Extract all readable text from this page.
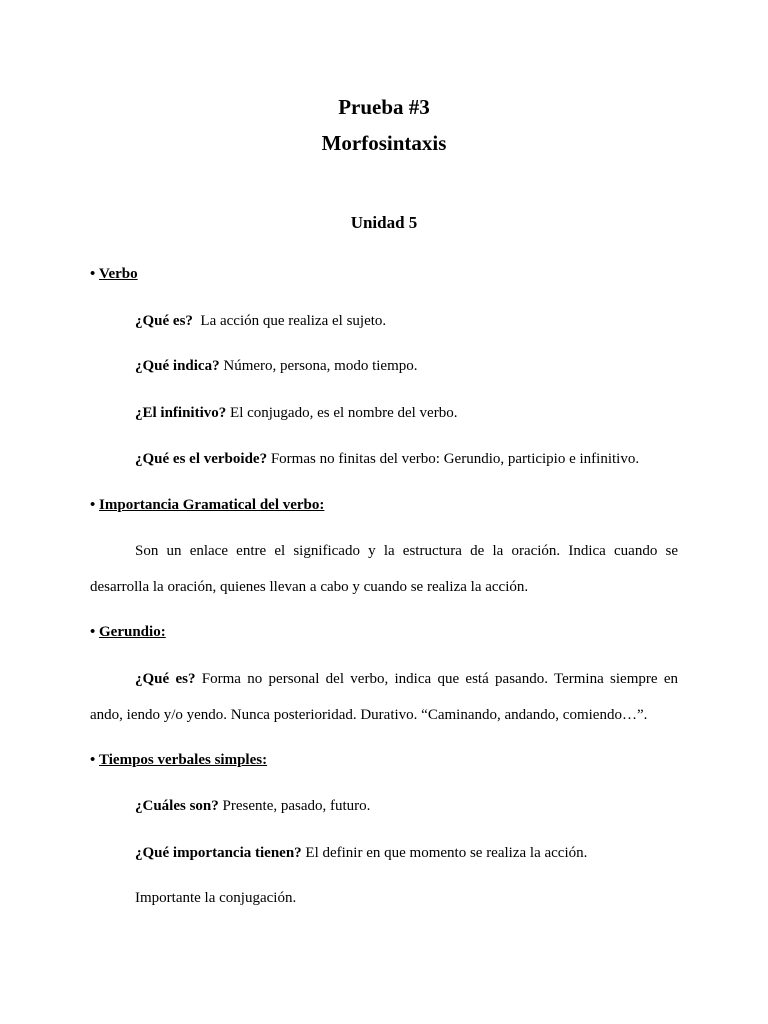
Prueba #3
Morfosintaxis
Unidad 5
• Verbo
¿Qué es?  La acción que realiza el sujeto.
¿Qué indica? Número, persona, modo tiempo.
¿El infinitivo? El conjugado, es el nombre del verbo.
¿Qué es el verboide? Formas no finitas del verbo: Gerundio, participio e infinitivo.
• Importancia Gramatical del verbo:
Son un enlace entre el significado y la estructura de la oración. Indica cuando se
desarrolla la oración, quienes llevan a cabo y cuando se realiza la acción.
• Gerundio:
¿Qué es? Forma no personal del verbo, indica que está pasando. Termina siempre en
ando, iendo y/o yendo. Nunca posterioridad. Durativo. “Caminando, andando, comiendo…”.
• Tiempos verbales simples:
¿Cuáles son? Presente, pasado, futuro.
¿Qué importancia tienen? El definir en que momento se realiza la acción.
Importante la conjugación.
